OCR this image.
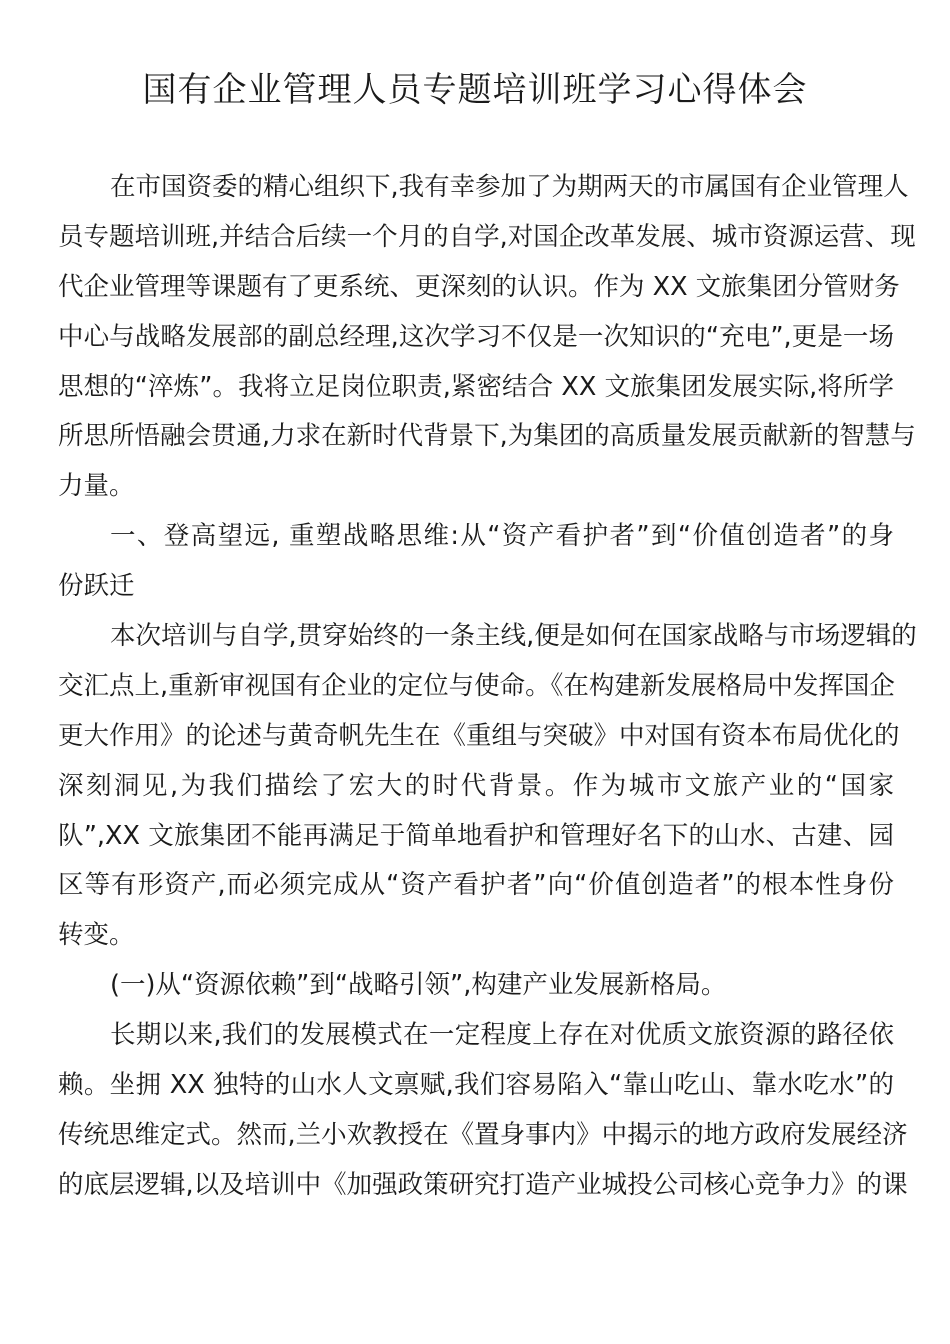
国有企业管理人员专题培训班学习心得体会
在市国资委的精心组织下,我有幸参加了为期两天的市属国有企业管理人
员专题培训班,并结合后续一个月的自学,对国企改革发展、城市资源运营、现
代企业管理等课题有了更系统、更深刻的认识。作为 XX 文旅集团分管财务
中心与战略发展部的副总经理,这次学习不仅是一次知识的“充电”,更是一场
思想的“淬炼”。我将立足岗位职责,紧密结合 XX 文旅集团发展实际,将所学
所思所悟融会贯通,力求在新时代背景下,为集团的高质量发展贡献新的智慧与
力量。
一、登高望远, 重塑战略思维:从“资产看护者”到“价值创造者”的身
份跃迁
本次培训与自学,贯穿始终的一条主线,便是如何在国家战略与市场逻辑的
交汇点上,重新审视国有企业的定位与使命。《在构建新发展格局中发挥国企
更大作用》的论述与黄奇帆先生在《重组与突破》中对国有资本布局优化的
深刻洞见,为我们描绘了宏大的时代背景。作为城市文旅产业的“国家
队”,XX 文旅集团不能再满足于简单地看护和管理好名下的山水、古建、园
区等有形资产,而必须完成从“资产看护者”向“价值创造者”的根本性身份
转变。
(一)从“资源依赖”到“战略引领”,构建产业发展新格局。
长期以来,我们的发展模式在一定程度上存在对优质文旅资源的路径依
赖。坐拥 XX 独特的山水人文禀赋,我们容易陷入“靠山吃山、靠水吃水”的
传统思维定式。然而,兰小欢教授在《置身事内》中揭示的地方政府发展经济
的底层逻辑,以及培训中《加强政策研究打造产业城投公司核心竞争力》的课
